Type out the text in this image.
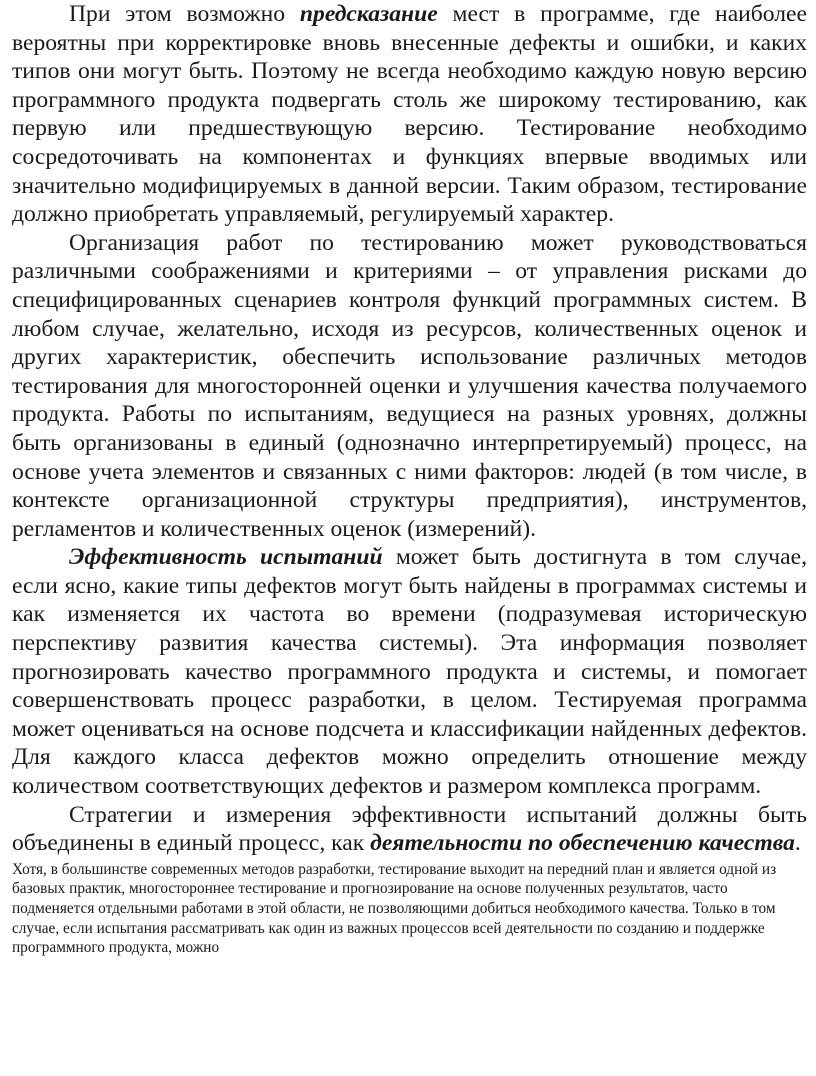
При этом возможно предсказание мест в программе, где наиболее вероятны при корректировке вновь внесенные дефекты и ошибки, и каких типов они могут быть. Поэтому не всегда необходимо каждую новую версию программного продукта подвергать столь же широкому тестированию, как первую или предшествующую версию. Тестирование необходимо сосредоточивать на компонентах и функциях впервые вводимых или значительно модифицируемых в данной версии. Таким образом, тестирование должно приобретать управляемый, регулируемый характер.

Организация работ по тестированию может руководствоваться различными соображениями и критериями – от управления рисками до специфицированных сценариев контроля функций программных систем. В любом случае, желательно, исходя из ресурсов, количественных оценок и других характеристик, обеспечить использование различных методов тестирования для многосторонней оценки и улучшения качества получаемого продукта. Работы по испытаниям, ведущиеся на разных уровнях, должны быть организованы в единый (однозначно интерпретируемый) процесс, на основе учета элементов и связанных с ними факторов: людей (в том числе, в контексте организационной структуры предприятия), инструментов, регламентов и количественных оценок (измерений).

Эффективность испытаний может быть достигнута в том случае, если ясно, какие типы дефектов могут быть найдены в программах системы и как изменяется их частота во времени (подразумевая историческую перспективу развития качества системы). Эта информация позволяет прогнозировать качество программного продукта и системы, и помогает совершенствовать процесс разработки, в целом. Тестируемая программа может оцениваться на основе подсчета и классификации найденных дефектов. Для каждого класса дефектов можно определить отношение между количеством соответствующих дефектов и размером комплекса программ.

Стратегии и измерения эффективности испытаний должны быть объединены в единый процесс, как деятельности по обеспечению качества.

Хотя, в большинстве современных методов разработки, тестирование выходит на передний план и является одной из базовых практик, многостороннее тестирование и прогнозирование на основе полученных результатов, часто подменяется отдельными работами в этой области, не позволяющими добиться необходимого качества. Только в том случае, если испытания рассматривать как один из важных процессов всей деятельности по созданию и поддержке программного продукта, можно
